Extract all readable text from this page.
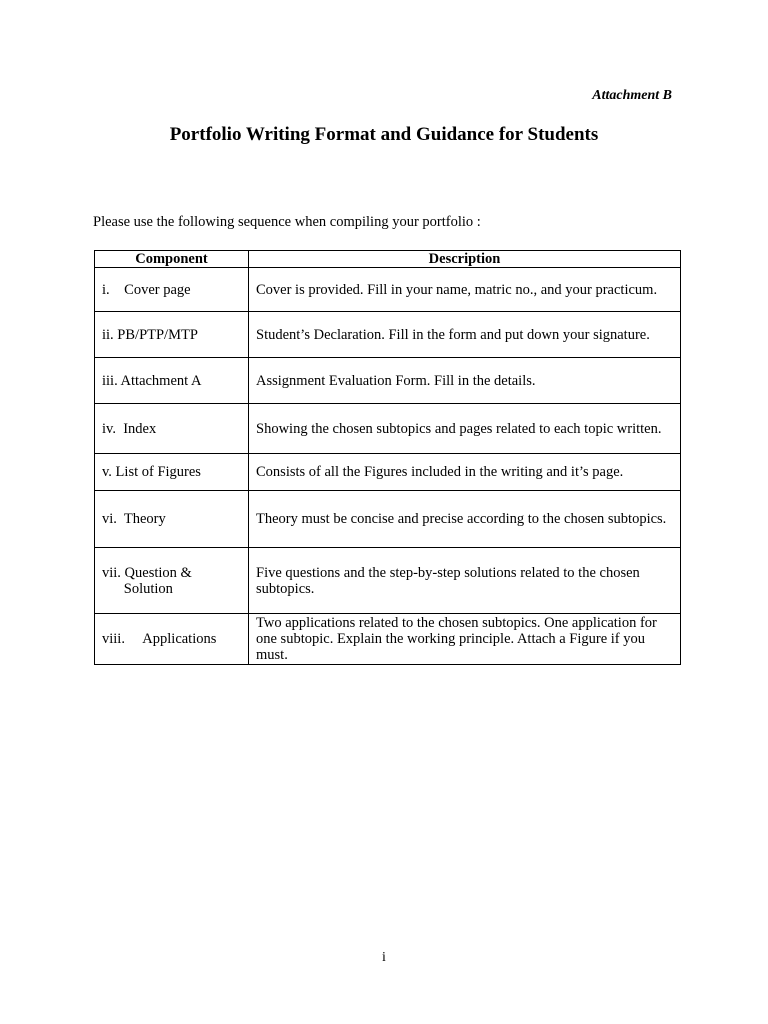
Attachment B
Portfolio Writing Format and Guidance for Students
Please use the following sequence when compiling your portfolio :
Component	Description
i.    Cover page	Cover is provided. Fill in your name, matric no., and your practicum.
ii. PB/PTP/MTP	Student’s Declaration. Fill in the form and put down your signature.
iii. Attachment A	Assignment Evaluation Form. Fill in the details.
iv.  Index	Showing the chosen subtopics and pages related to each topic written.
v. List of Figures	Consists of all the Figures included in the writing and it’s page.
vi.  Theory	Theory must be concise and precise according to the chosen subtopics.
vii. Question &
Solution	Five questions and the step-by-step solutions related to the chosen subtopics.
viii.     Applications	Two applications related to the chosen subtopics. One application for one subtopic. Explain the working principle. Attach a Figure if you must.
i
